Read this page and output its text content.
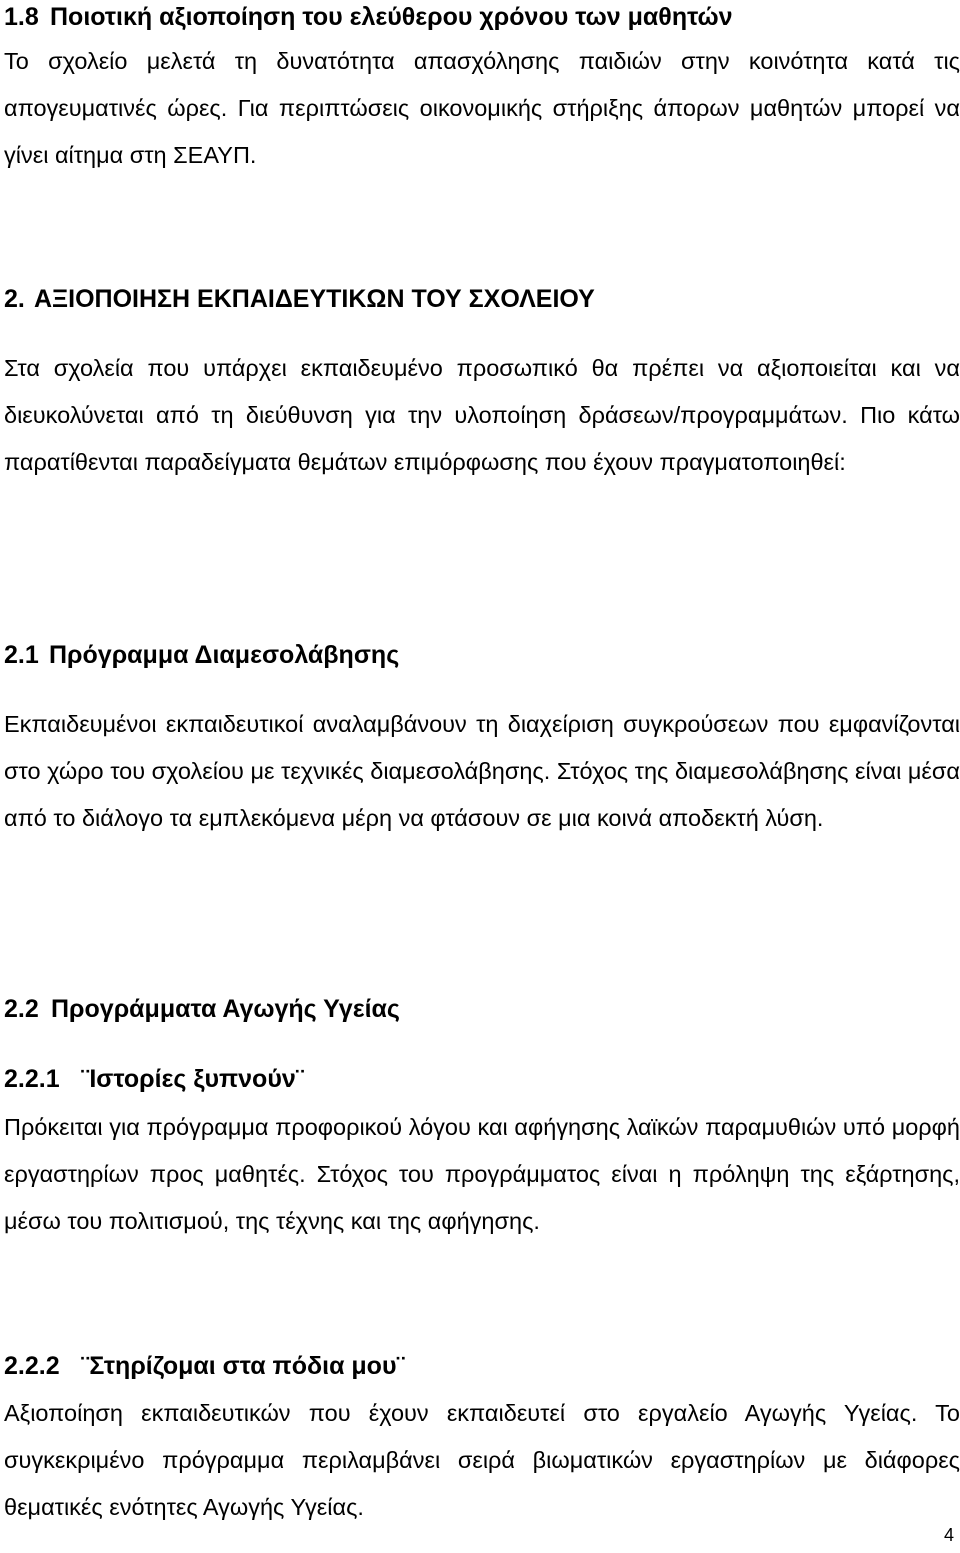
1.8 Ποιοτική αξιοποίηση του ελεύθερου χρόνου των μαθητών
Το σχολείο μελετά τη δυνατότητα απασχόλησης παιδιών στην κοινότητα κατά τις απογευματινές ώρες. Για περιπτώσεις οικονομικής στήριξης άπορων μαθητών μπορεί να γίνει αίτημα στη ΣΕΑΥΠ.
2. ΑΞΙΟΠΟΙΗΣΗ ΕΚΠΑΙΔΕΥΤΙΚΩΝ ΤΟΥ ΣΧΟΛΕΙΟΥ
Στα σχολεία που υπάρχει εκπαιδευμένο προσωπικό θα πρέπει να αξιοποιείται και να διευκολύνεται από τη διεύθυνση για την υλοποίηση δράσεων/προγραμμάτων. Πιο κάτω παρατίθενται παραδείγματα θεμάτων επιμόρφωσης που έχουν πραγματοποιηθεί:
2.1 Πρόγραμμα Διαμεσολάβησης
Εκπαιδευμένοι εκπαιδευτικοί αναλαμβάνουν τη διαχείριση συγκρούσεων που εμφανίζονται στο χώρο του σχολείου με τεχνικές διαμεσολάβησης. Στόχος της διαμεσολάβησης είναι μέσα από το διάλογο τα εμπλεκόμενα μέρη να φτάσουν σε μια κοινά αποδεκτή λύση.
2.2 Προγράμματα Αγωγής Υγείας
2.2.1 ¨Ιστορίες ξυπνούν¨
Πρόκειται για πρόγραμμα προφορικού λόγου και αφήγησης λαϊκών παραμυθιών υπό μορφή εργαστηρίων προς μαθητές. Στόχος του προγράμματος είναι η πρόληψη της εξάρτησης, μέσω του πολιτισμού, της τέχνης και της αφήγησης.
2.2.2 ¨Στηρίζομαι στα πόδια μου¨
Αξιοποίηση εκπαιδευτικών που έχουν εκπαιδευτεί στο εργαλείο Αγωγής Υγείας. Το συγκεκριμένο πρόγραμμα περιλαμβάνει σειρά βιωματικών εργαστηρίων με διάφορες θεματικές ενότητες Αγωγής Υγείας.
4
